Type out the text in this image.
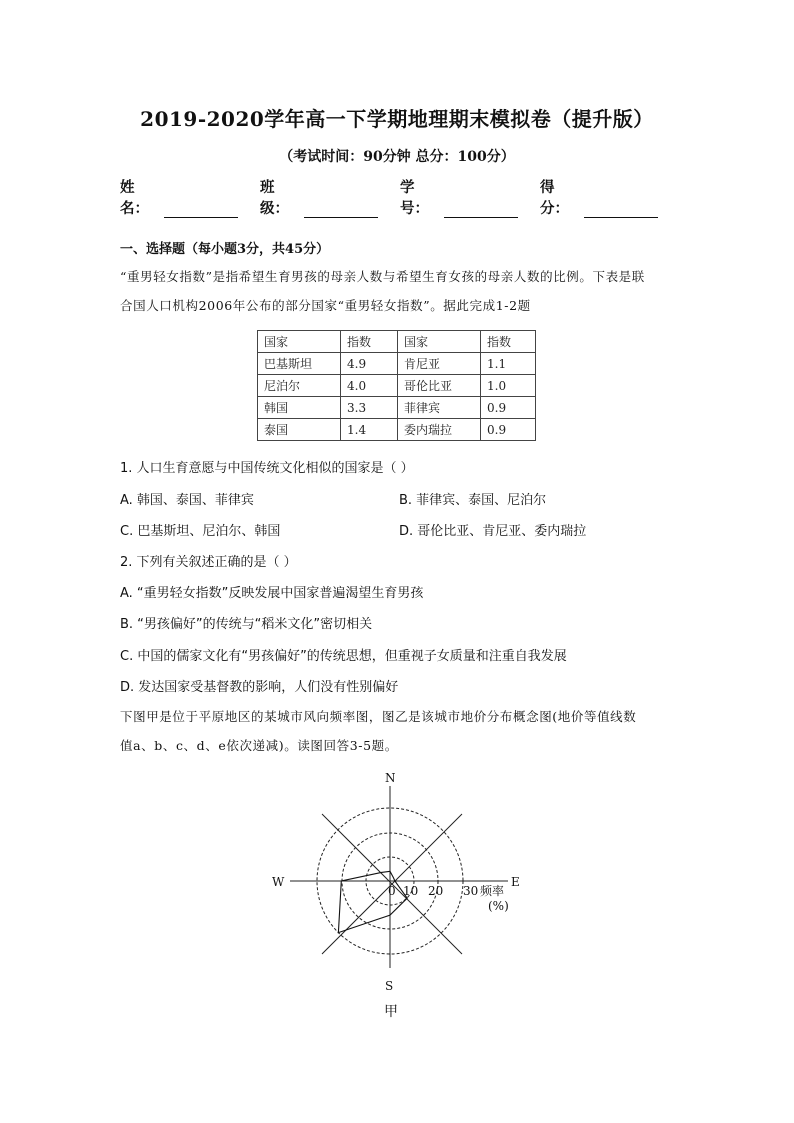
2019-2020学年高一下学期地理期末模拟卷（提升版）
（考试时间：90分钟 总分：100分）
姓名：
班级：
学号：
得分：
一、选择题（每小题3分，共45分）
“重男轻女指数”是指希望生育男孩的母亲人数与希望生育女孩的母亲人数的比例。下表是联
合国人口机构2006年公布的部分国家“重男轻女指数”。据此完成1-2题
国家	指数	国家	指数
巴基斯坦	4.9	肯尼亚	1.1
尼泊尔	4.0	哥伦比亚	1.0
韩国	3.3	菲律宾	0.9
泰国	1.4	委内瑞拉	0.9
1. 人口生育意愿与中国传统文化相似的国家是（ ）
A. 韩国、泰国、菲律宾	B. 菲律宾、泰国、尼泊尔
C. 巴基斯坦、尼泊尔、韩国	D. 哥伦比亚、肯尼亚、委内瑞拉
2. 下列有关叙述正确的是（ ）
A. “重男轻女指数”反映发展中国家普遍渴望生育男孩
B. “男孩偏好”的传统与“稻米文化”密切相关
C. 中国的儒家文化有“男孩偏好”的传统思想，但重视子女质量和注重自我发展
D. 发达国家受基督教的影响，人们没有性别偏好
下图甲是位于平原地区的某城市风向频率图，图乙是该城市地价分布概念图(地价等值线数
值a、b、c、d、e依次递减)。读图回答3-5题。
N
S
W	E
0 10 20 30 频率
(%)
甲
